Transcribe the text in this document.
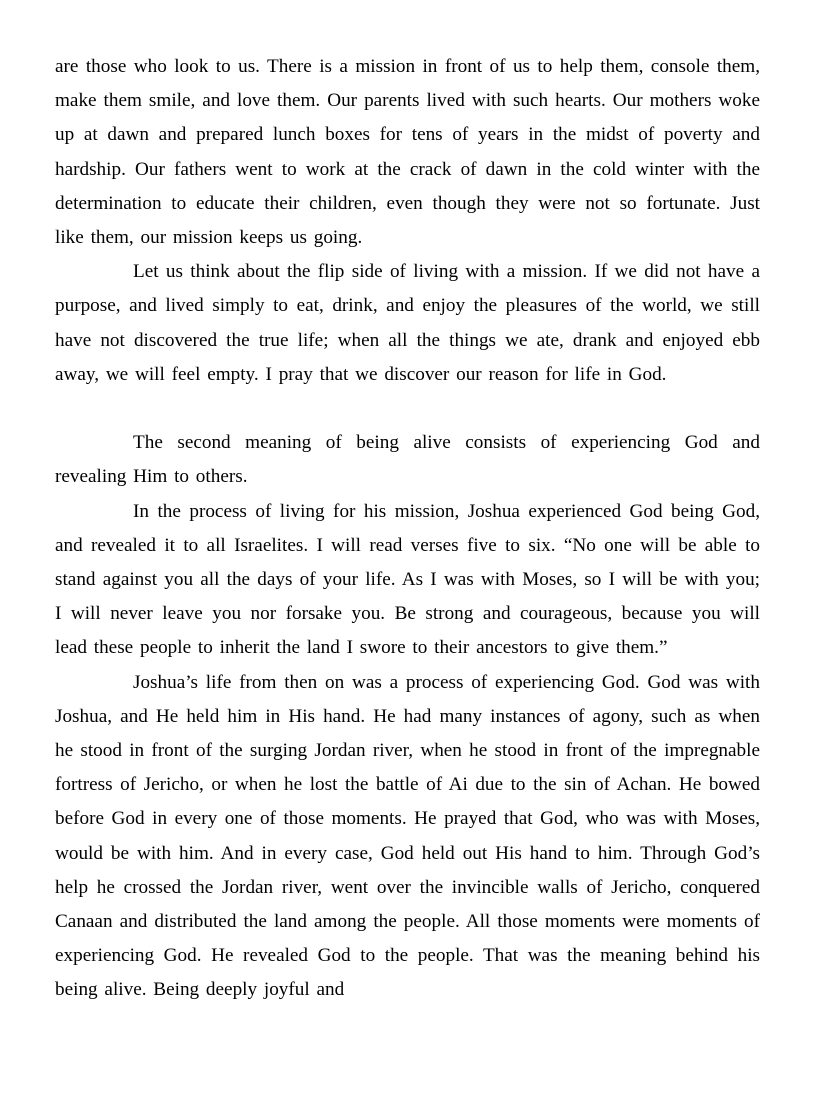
are those who look to us. There is a mission in front of us to help them, console them, make them smile, and love them. Our parents lived with such hearts. Our mothers woke up at dawn and prepared lunch boxes for tens of years in the midst of poverty and hardship. Our fathers went to work at the crack of dawn in the cold winter with the determination to educate their children, even though they were not so fortunate. Just like them, our mission keeps us going.

Let us think about the flip side of living with a mission. If we did not have a purpose, and lived simply to eat, drink, and enjoy the pleasures of the world, we still have not discovered the true life; when all the things we ate, drank and enjoyed ebb away, we will feel empty. I pray that we discover our reason for life in God.

The second meaning of being alive consists of experiencing God and revealing Him to others.

In the process of living for his mission, Joshua experienced God being God, and revealed it to all Israelites. I will read verses five to six. “No one will be able to stand against you all the days of your life. As I was with Moses, so I will be with you; I will never leave you nor forsake you. Be strong and courageous, because you will lead these people to inherit the land I swore to their ancestors to give them.”

Joshua’s life from then on was a process of experiencing God. God was with Joshua, and He held him in His hand. He had many instances of agony, such as when he stood in front of the surging Jordan river, when he stood in front of the impregnable fortress of Jericho, or when he lost the battle of Ai due to the sin of Achan. He bowed before God in every one of those moments. He prayed that God, who was with Moses, would be with him. And in every case, God held out His hand to him. Through God’s help he crossed the Jordan river, went over the invincible walls of Jericho, conquered Canaan and distributed the land among the people. All those moments were moments of experiencing God. He revealed God to the people. That was the meaning behind his being alive. Being deeply joyful and
